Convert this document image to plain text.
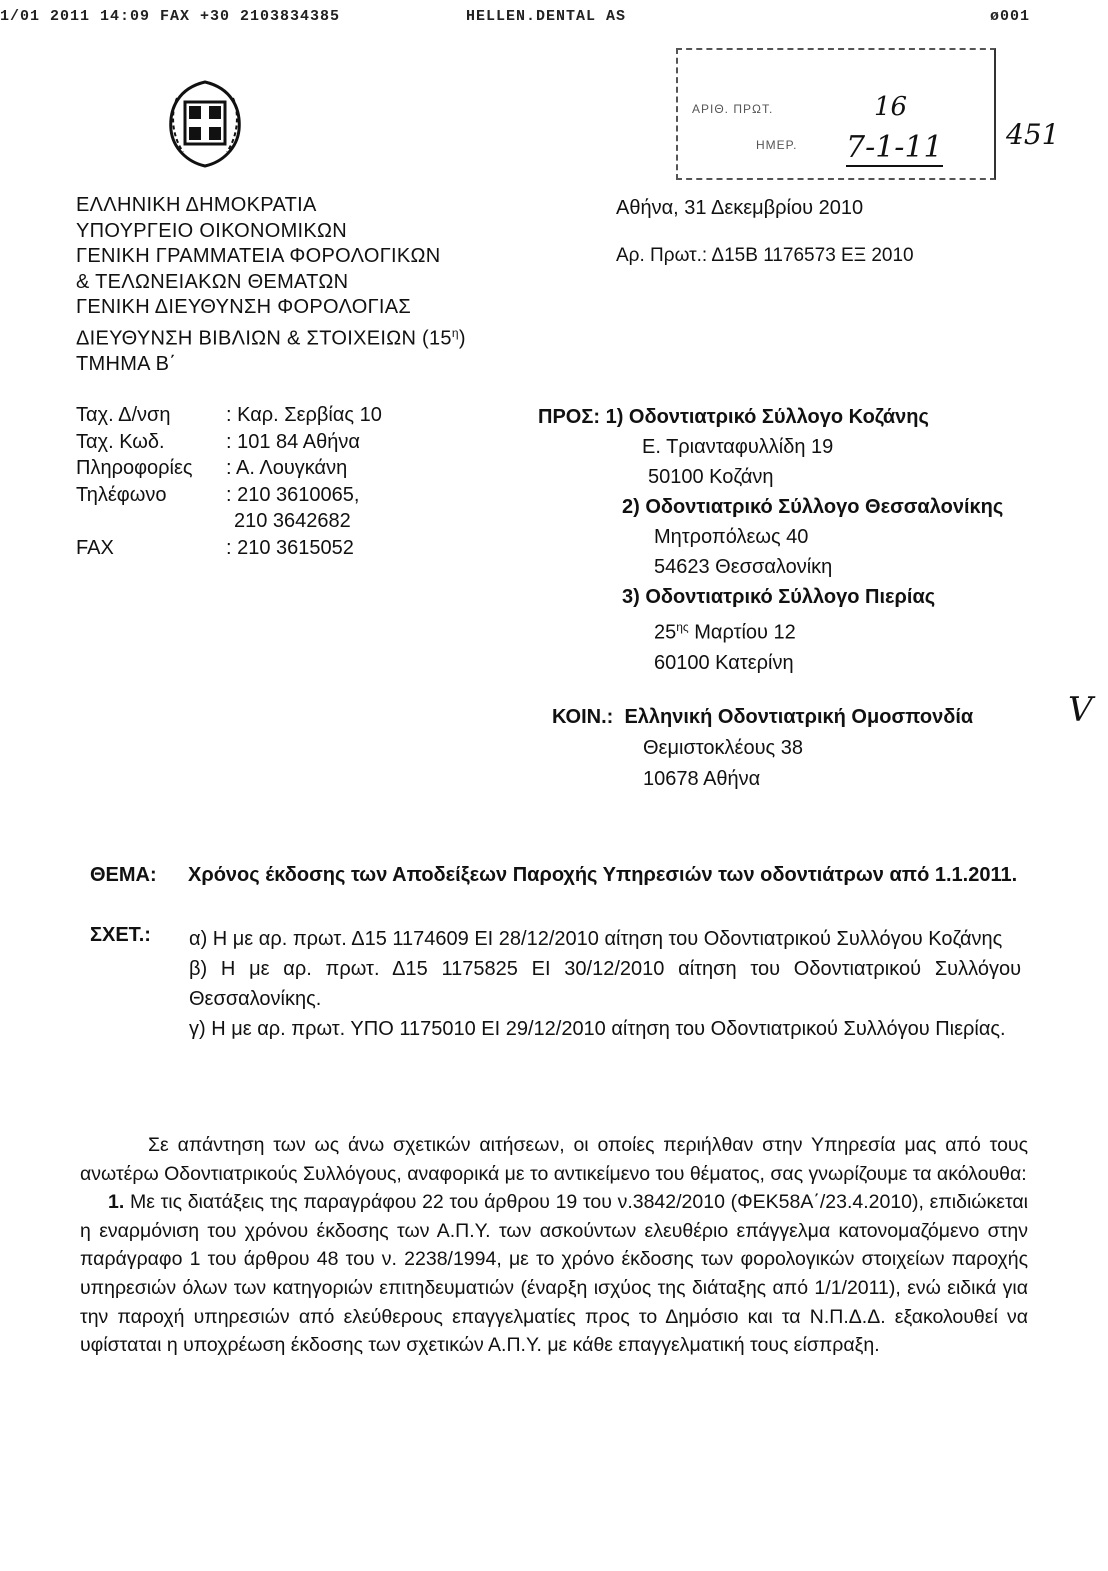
1/01 2011 14:09 FAX +30 2103834385	HELLEN.DENTAL AS	ø001
ΑΡΙΘ. ΠΡΩΤ.
ΗΜΕΡ.
16
7-1-11 451
V
ΕΛΛΗΝΙΚΗ ΔΗΜΟΚΡΑΤΙΑ
ΥΠΟΥΡΓΕΙΟ ΟΙΚΟΝΟΜΙΚΩΝ
ΓΕΝΙΚΗ ΓΡΑΜΜΑΤΕΙΑ ΦΟΡΟΛΟΓΙΚΩΝ
& ΤΕΛΩΝΕΙΑΚΩΝ ΘΕΜΑΤΩΝ
ΓΕΝΙΚΗ ΔΙΕΥΘΥΝΣΗ ΦΟΡΟΛΟΓΙΑΣ
ΔΙΕΥΘΥΝΣΗ ΒΙΒΛΙΩΝ & ΣΤΟΙΧΕΙΩΝ $(15^\eta)$
ΤΜΗΜΑ Β΄
Αθήνα, 31 Δεκεμβρίου 2010
Αρ. Πρωτ.: Δ15Β 1176573 ΕΞ 2010
Ταχ. Δ/νση	: Καρ. Σερβίας 10
Ταχ. Κωδ.	: 101 84 Αθήνα
Πληροφορίες : Α. Λουγκάνη
Τηλέφωνο	: 210 3610065,
210 3642682
FAX	: 210 3615052
ΠΡΟΣ: 1) Οδοντιατρικό Σύλλογο Κοζάνης
Ε. Τριανταφυλλίδη 19
50100 Κοζάνη
2) Οδοντιατρικό Σύλλογο Θεσσαλονίκης
Μητροπόλεως 40
54623 Θεσσαλονίκη
3) Οδοντιατρικό Σύλλογο Πιερίας
$25^{\eta\varsigma}$ Μαρτίου 12
60100 Κατερίνη
ΚΟΙΝ.: Ελληνική Οδοντιατρική Ομοσπονδία
Θεμιστοκλέους 38
10678 Αθήνα
ΘΕΜΑ: Χρόνος έκδοσης των Αποδείξεων Παροχής Υπηρεσιών των οδοντιάτρων από 1.1.2011.
ΣΧΕΤ.: α) Η με αρ. πρωτ. Δ15 1174609 ΕΙ 28/12/2010 αίτηση του Οδοντιατρικού Συλλόγου Κοζάνης

β) Η με αρ. πρωτ. Δ15 1175825 ΕΙ 30/12/2010 αίτηση του Οδοντιατρικού Συλλόγου Θεσσαλονίκης.

γ) Η με αρ. πρωτ. ΥΠΟ 1175010 ΕΙ 29/12/2010 αίτηση του Οδοντιατρικού Συλλόγου Πιερίας.

Σε απάντηση των ως άνω σχετικών αιτήσεων, οι οποίες περιήλθαν στην Υπηρεσία μας από τους ανωτέρω Οδοντιατρικούς Συλλόγους, αναφορικά με το αντικείμενο του θέματος, σας γνωρίζουμε τα ακόλουθα:

1. Με τις διατάξεις της παραγράφου 22 του άρθρου 19 του ν.3842/2010 (ΦΕΚ58Α΄/23.4.2010), επιδιώκεται η εναρμόνιση του χρόνου έκδοσης των Α.Π.Υ. των ασκούντων ελευθέριο επάγγελμα κατονομαζόμενο στην παράγραφο 1 του άρθρου 48 του ν. 2238/1994, με το χρόνο έκδοσης των φορολογικών στοιχείων παροχής υπηρεσιών όλων των κατηγοριών επιτηδευματιών (έναρξη ισχύος της διάταξης από 1/1/2011), ενώ ειδικά για την παροχή υπηρεσιών από ελεύθερους επαγγελματίες προς το Δημόσιο και τα Ν.Π.Δ.Δ. εξακολουθεί να υφίσταται η υποχρέωση έκδοσης των σχετικών Α.Π.Υ. με κάθε επαγγελματική τους είσπραξη.
